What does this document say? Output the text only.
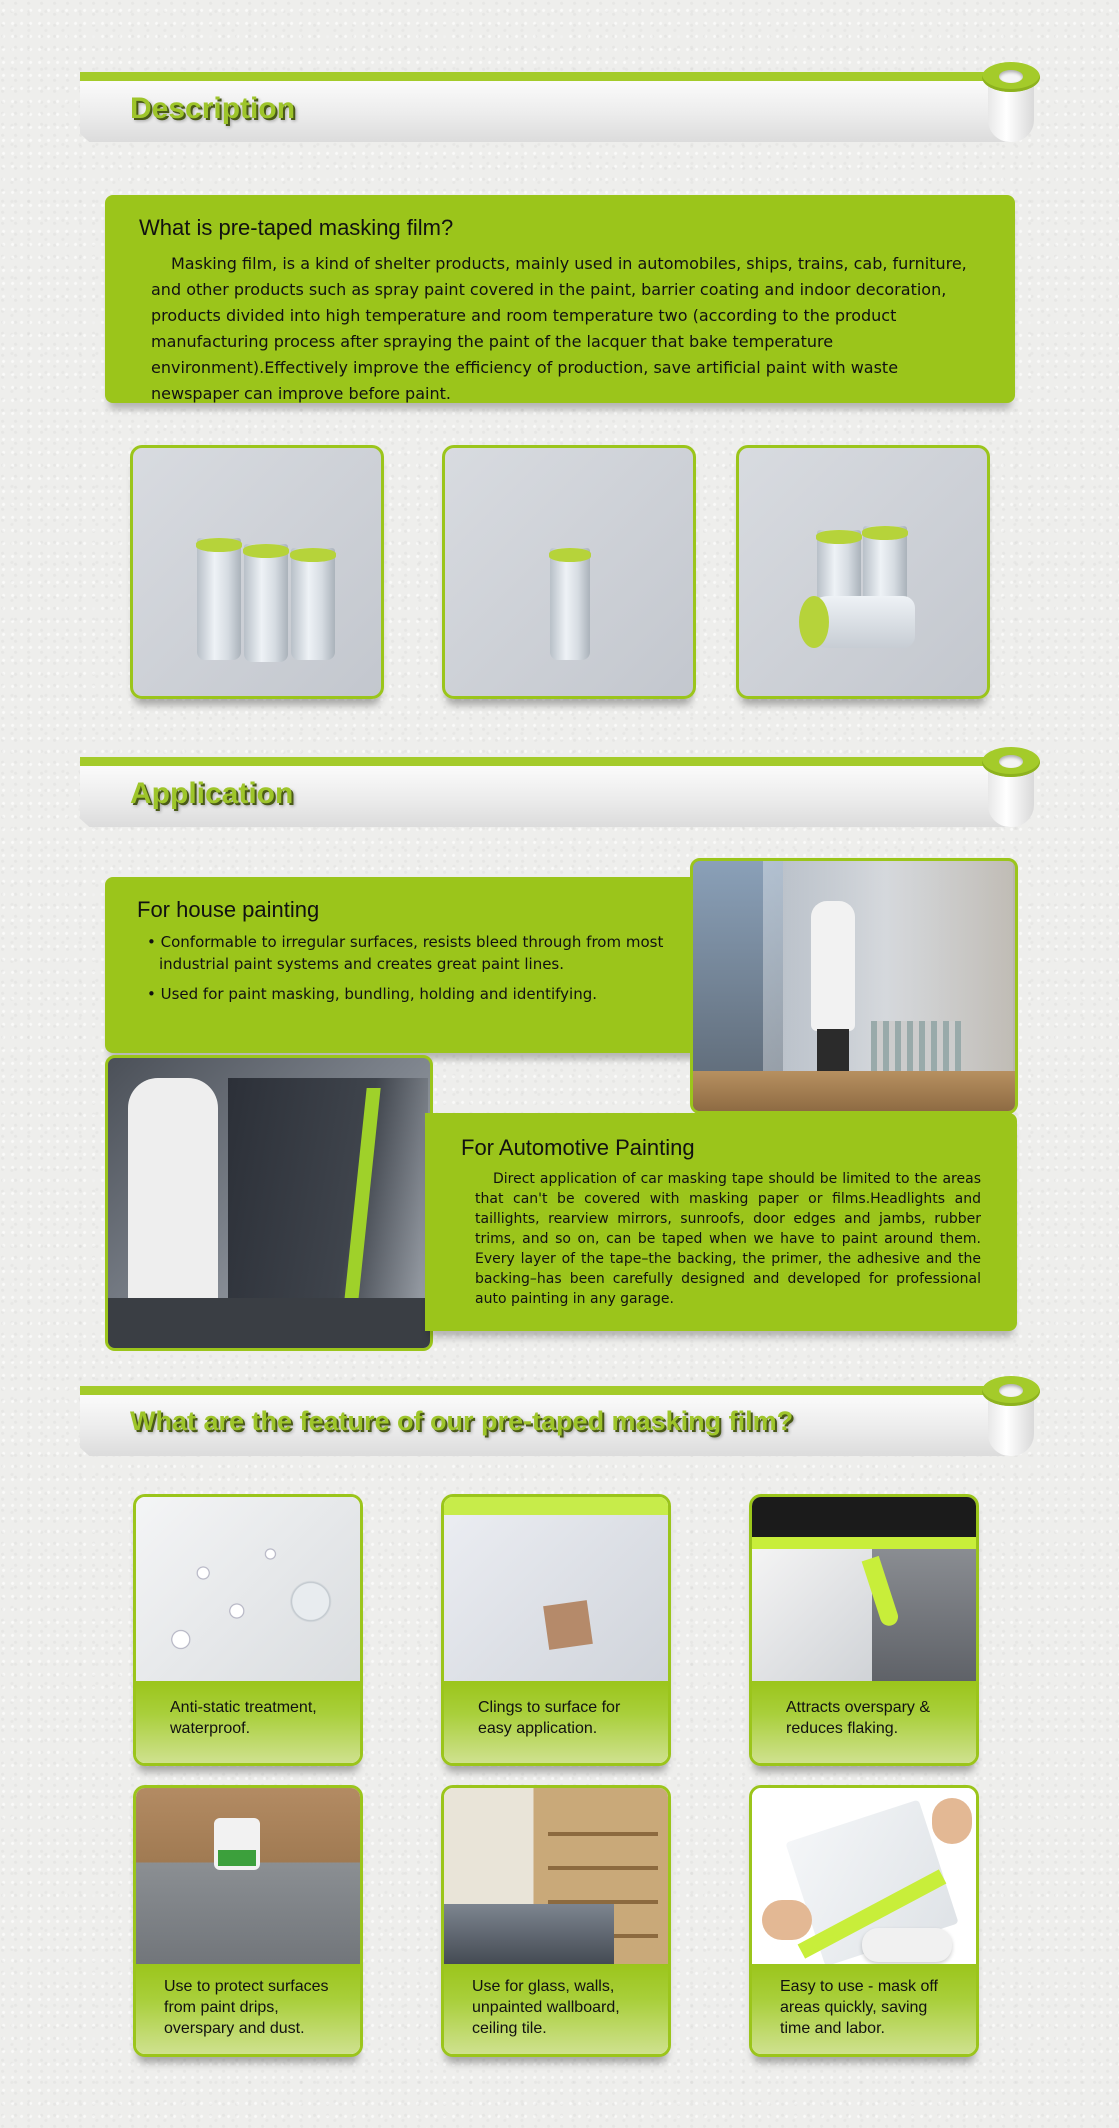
Description
What is pre-taped masking film?

Masking film, is a kind of shelter products, mainly used in automobiles, ships, trains, cab, furniture, and other products such as spray paint covered in the paint, barrier coating and indoor decoration, products divided into high temperature and room temperature two (according to the product manufacturing process after spraying the paint of the lacquer that bake temperature environment).Effectively improve the efficiency of production, save artificial paint with waste newspaper can improve before paint.

Application
For house painting
• Conformable to irregular surfaces, resists bleed through from most industrial paint systems and creates great paint lines.
• Used for paint masking, bundling, holding and identifying.
For Automotive Painting

Direct application of car masking tape should be limited to the areas that can't be covered with masking paper or films.Headlights and taillights, rearview mirrors, sunroofs, door edges and jambs, rubber trims, and so on, can be taped when we have to paint around them. Every layer of the tape–the backing, the primer, the adhesive and the backing–has been carefully designed and developed for professional auto painting in any garage.

What are the feature of our pre-taped masking film?
Anti-static treatment, waterproof.
Clings to surface for easy application.
Attracts overspary & reduces flaking.
Use to protect surfaces from paint drips, overspary and dust.
Use for glass, walls, unpainted wallboard, ceiling tile.
Easy to use - mask off areas quickly, saving time and labor.
